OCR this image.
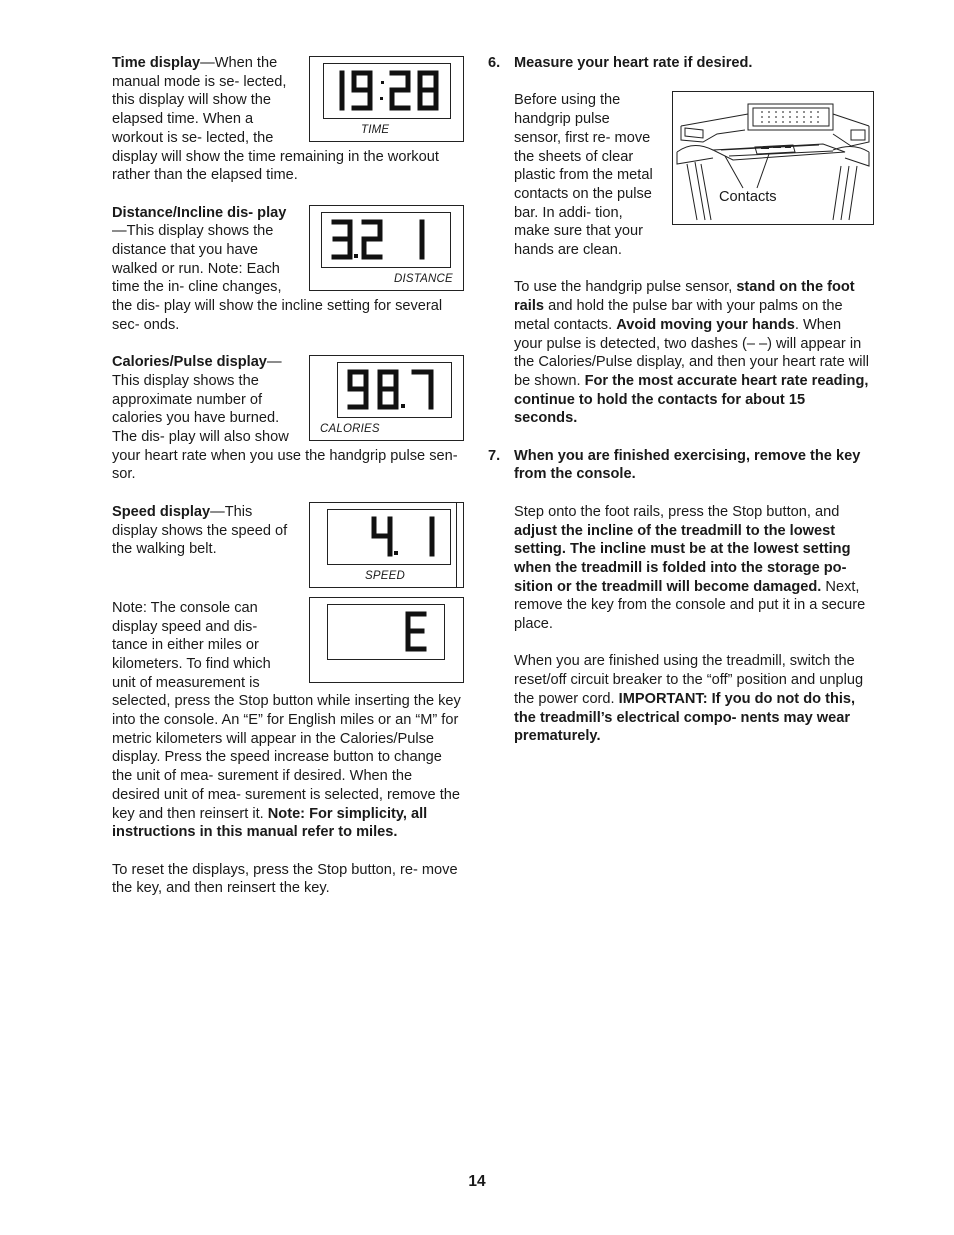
TIME

Time display—When the manual mode is se- lected, this display will show the elapsed time. When a workout is se- lected, the display will show the time remaining in the workout rather than the elapsed time.

DISTANCE

Distance/Incline dis- play—This display shows the distance that you have walked or run. Note: Each time the in- cline changes, the dis- play will show the incline setting for several sec- onds.

CALORIES

Calories/Pulse display—This display shows the approximate number of calories you have burned. The dis- play will also show your heart rate when you use the handgrip pulse sen- sor.

SPEED

Speed display—This display shows the speed of the walking belt.

Note: The console can display speed and dis- tance in either miles or kilometers. To find which unit of measurement is selected, press the Stop button while inserting the key into the console. An “E” for English miles or an “M” for metric kilometers will appear in the Calories/Pulse display. Press the speed increase button to change the unit of mea- surement if desired. When the desired unit of mea- surement is selected, remove the key and then reinsert it. Note: For simplicity, all instructions in this manual refer to miles.

To reset the displays, press the Stop button, re- move the key, and then reinsert the key.

6. Measure your heart rate if desired.

Contacts

Before using the handgrip pulse sensor, first re- move the sheets of clear plastic from the metal contacts on the pulse bar. In addi- tion, make sure that your hands are clean.

To use the handgrip pulse sensor, stand on the foot rails and hold the pulse bar with your palms on the metal contacts. Avoid moving your hands. When your pulse is detected, two dashes (– –) will appear in the Calories/Pulse display, and then your heart rate will be shown. For the most accurate heart rate reading, continue to hold the contacts for about 15 seconds.

7. When you are finished exercising, remove the key from the console.

Step onto the foot rails, press the Stop button, and adjust the incline of the treadmill to the lowest setting. The incline must be at the lowest setting when the treadmill is folded into the storage po- sition or the treadmill will become damaged. Next, remove the key from the console and put it in a secure place.

When you are finished using the treadmill, switch the reset/off circuit breaker to the “off” position and unplug the power cord. IMPORTANT: If you do not do this, the treadmill’s electrical compo- nents may wear prematurely.

14
